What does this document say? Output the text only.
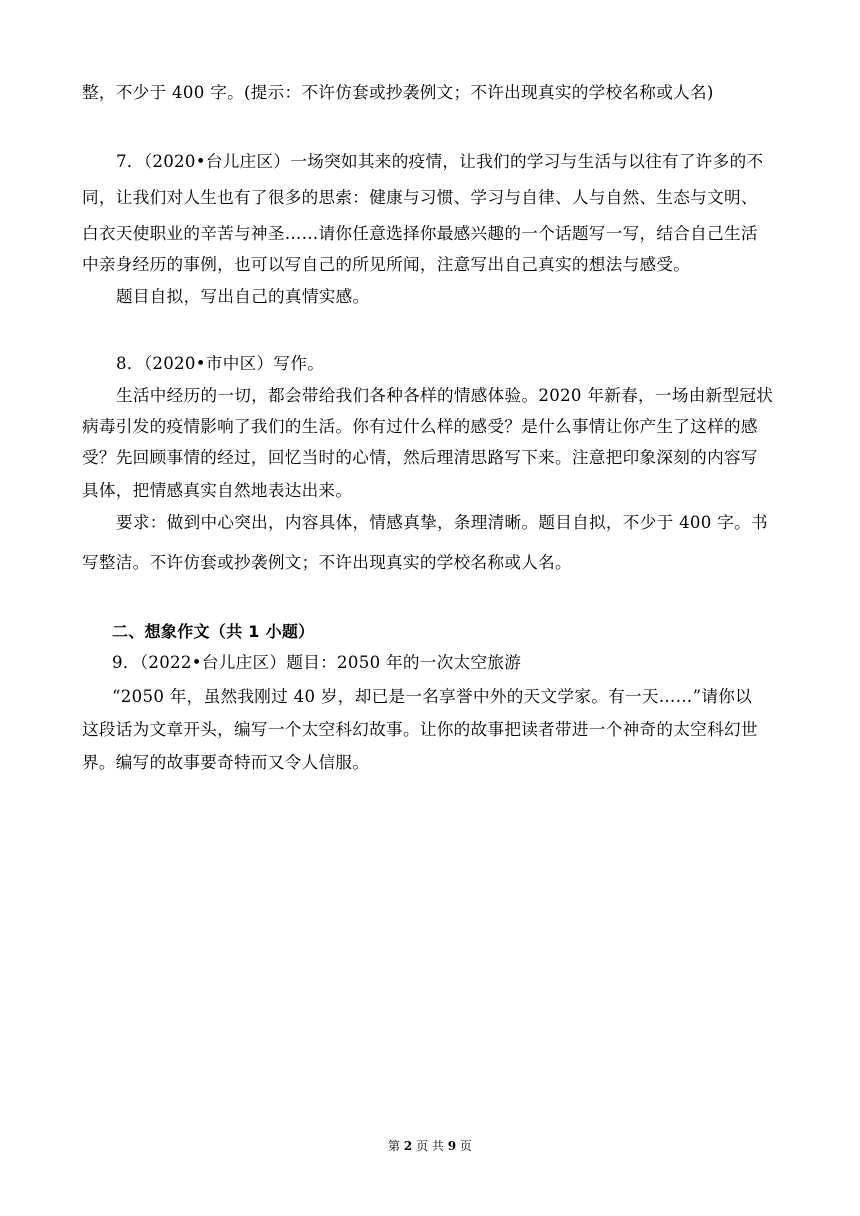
整，不少于 400 字。(提示：不许仿套或抄袭例文；不许出现真实的学校名称或人名)
7．（2020•台儿庄区）一场突如其来的疫情，让我们的学习与生活与以往有了许多的不
同，让我们对人生也有了很多的思索：健康与习惯、学习与自律、人与自然、生态与文明、
白衣天使职业的辛苦与神圣……请你任意选择你最感兴趣的一个话题写一写，结合自己生活
中亲身经历的事例，也可以写自己的所见所闻，注意写出自己真实的想法与感受。
题目自拟，写出自己的真情实感。
8．（2020•市中区）写作。
生活中经历的一切，都会带给我们各种各样的情感体验。2020 年新春，一场由新型冠状
病毒引发的疫情影响了我们的生活。你有过什么样的感受？是什么事情让你产生了这样的感
受？先回顾事情的经过，回忆当时的心情，然后理清思路写下来。注意把印象深刻的内容写
具体，把情感真实自然地表达出来。
要求：做到中心突出，内容具体，情感真挚，条理清晰。题目自拟，不少于 400 字。书
写整洁。不许仿套或抄袭例文；不许出现真实的学校名称或人名。
二、想象作文（共 1 小题）
9．（2022•台儿庄区）题目：2050 年的一次太空旅游
“2050 年，虽然我刚过 40 岁，却已是一名享誉中外的天文学家。有一天……”请你以
这段话为文章开头，编写一个太空科幻故事。让你的故事把读者带进一个神奇的太空科幻世
界。编写的故事要奇特而又令人信服。
第 2 页 共 9 页
